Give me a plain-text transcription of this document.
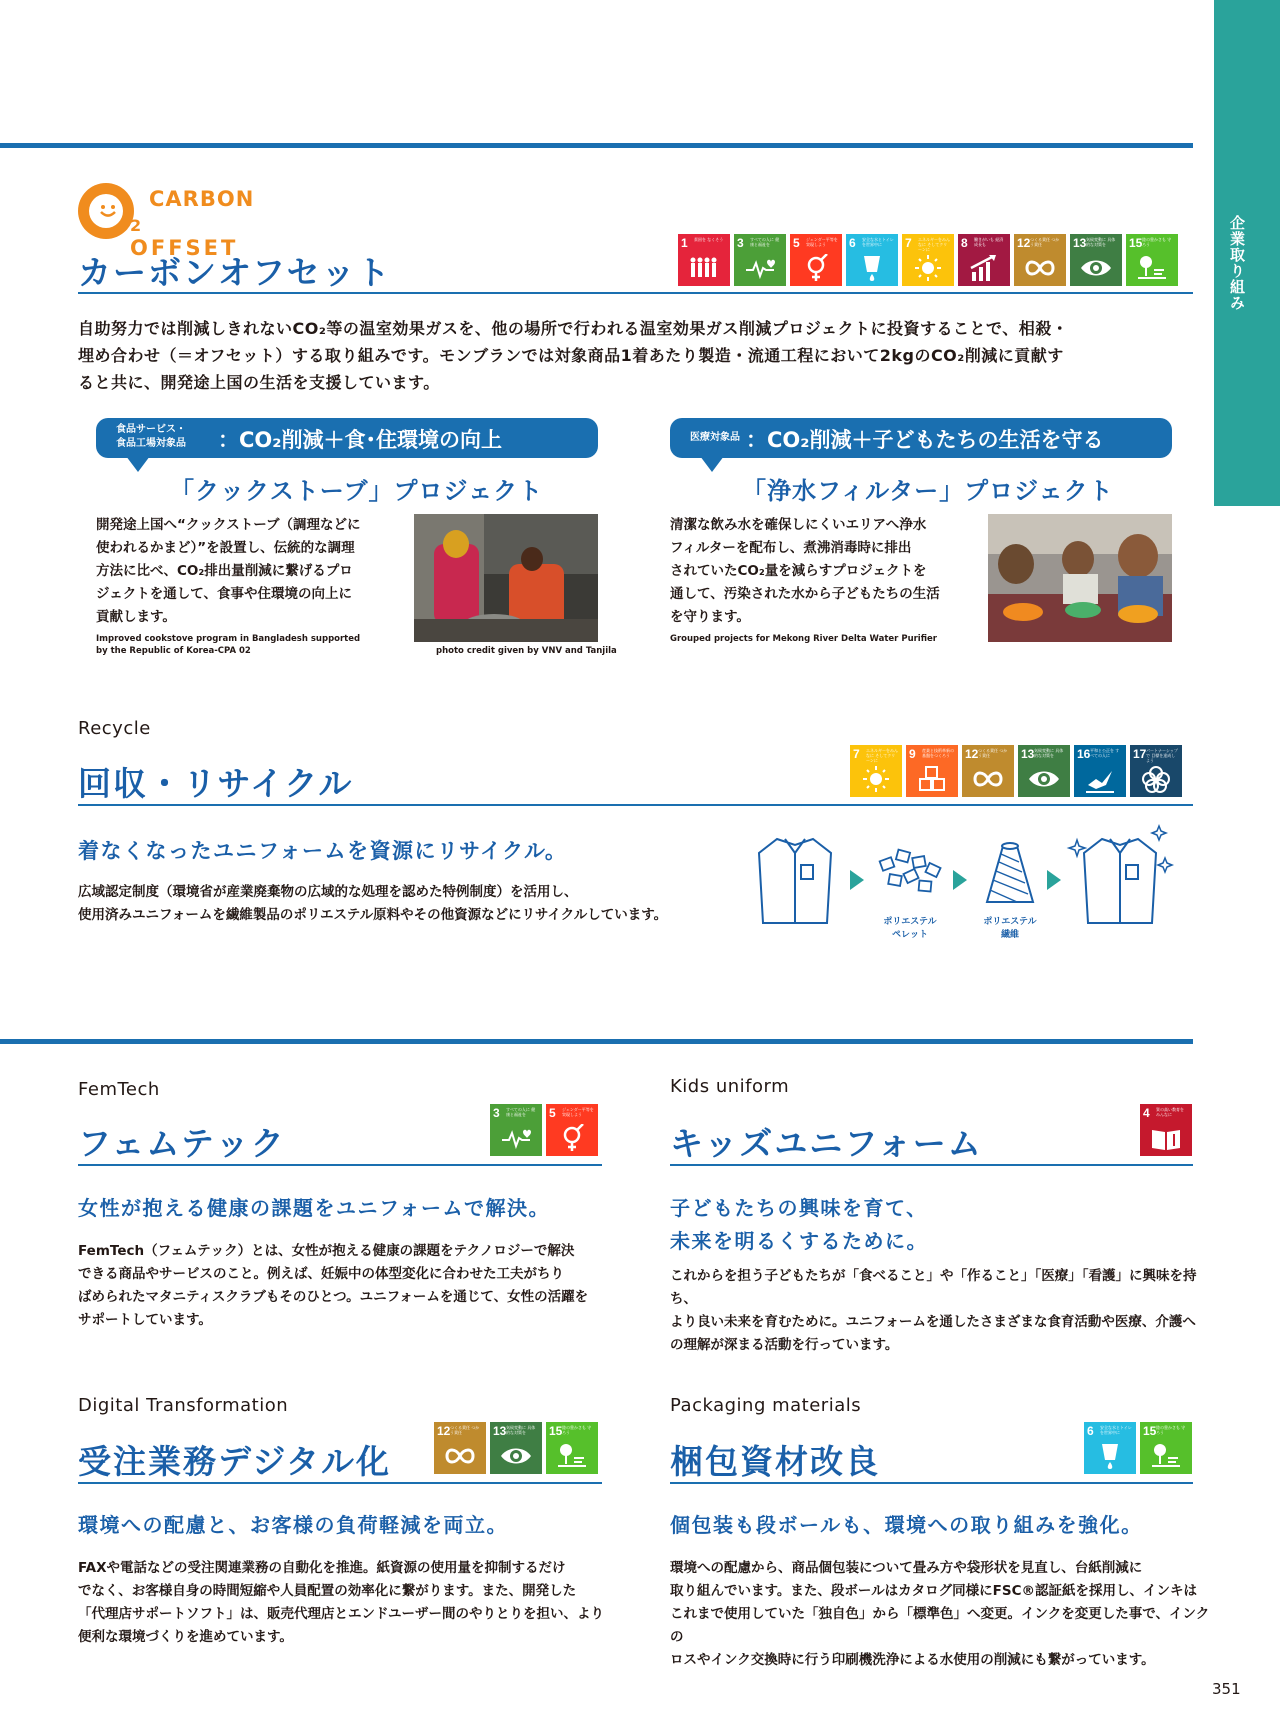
企業取り組み
CARBON
2 OFFSET
カーボンオフセット
1 貧困を なくそう	3 すべての人に 健康と福祉を	5 ジェンダー平等を 実現しよう	6 安全な水とトイレ を世界中に	7 エネルギーをみんなに そしてクリーンに	8 働きがいも 経済成長も	12 つくる責任 つかう責任	13 気候変動に 具体的な対策を	15 陸の豊かさも 守ろう
自助努力では削減しきれないCO₂等の温室効果ガスを、他の場所で行われる温室効果ガス削減プロジェクトに投資することで、相殺・
埋め合わせ（＝オフセット）する取り組みです。モンブランでは対象商品1着あたり製造・流通工程において2kgのCO₂削減に貢献す
ると共に、開発途上国の生活を支援しています。
食品サービス・
食品工場対象品 ：CO₂削減＋食･住環境の向上
「クックストーブ」プロジェクト
開発途上国へ“クックストーブ（調理などに
使われるかまど）”を設置し、伝統的な調理
方法に比べ、CO₂排出量削減に繋げるプロ
ジェクトを通して、食事や住環境の向上に
貢献します。
Improved cookstove program in Bangladesh supported
by the Republic of Korea-CPA 02	photo credit given by VNV and Tanjila
医療対象品 ：CO₂削減＋子どもたちの生活を守る
「浄水フィルター」プロジェクト
清潔な飲み水を確保しにくいエリアへ浄水
フィルターを配布し、煮沸消毒時に排出
されていたCO₂量を減らすプロジェクトを
通して、汚染された水から子どもたちの生活
を守ります。
Grouped projects for Mekong River Delta Water Purifier
Recycle
回収・リサイクル
7 エネルギーをみんなに そしてクリーンに	9 産業と技術革新の 基盤をつくろう	12 つくる責任 つかう責任	13 気候変動に 具体的な対策を	16 平和と公正を すべての人に	17 パートナーシップで 目標を達成しよう
着なくなったユニフォームを資源にリサイクル。
広域認定制度（環境省が産業廃棄物の広域的な処理を認めた特例制度）を活用し、
使用済みユニフォームを繊維製品のポリエステル原料やその他資源などにリサイクルしています。	ポリエステル
ペレット
ポリエステル
繊維
FemTech
フェムテック
3 すべての人に 健康と福祉を	5 ジェンダー平等を 実現しよう
女性が抱える健康の課題をユニフォームで解決。
FemTech（フェムテック）とは、女性が抱える健康の課題をテクノロジーで解決
できる商品やサービスのこと。例えば、妊娠中の体型変化に合わせた工夫がちり
ばめられたマタニティスクラブもそのひとつ。ユニフォームを通じて、女性の活躍を
サポートしています。
Kids uniform
キッズユニフォーム
4 質の高い教育を みんなに
子どもたちの興味を育て、
未来を明るくするために。
これからを担う子どもたちが「食べること」や「作ること」「医療」「看護」に興味を持ち、
より良い未来を育むために。ユニフォームを通したさまざまな食育活動や医療、介護へ
の理解が深まる活動を行っています。
Digital Transformation
受注業務デジタル化
12 つくる責任 つかう責任	13 気候変動に 具体的な対策を	15 陸の豊かさも 守ろう
環境への配慮と、お客様の負荷軽減を両立。
FAXや電話などの受注関連業務の自動化を推進。紙資源の使用量を抑制するだけ
でなく、お客様自身の時間短縮や人員配置の効率化に繋がります。また、開発した
「代理店サポートソフト」は、販売代理店とエンドユーザー間のやりとりを担い、より
便利な環境づくりを進めています。
Packaging materials
梱包資材改良
6 安全な水とトイレ を世界中に	15 陸の豊かさも 守ろう
個包装も段ボールも、環境への取り組みを強化。
環境への配慮から、商品個包装について畳み方や袋形状を見直し、台紙削減に
取り組んでいます。また、段ボールはカタログ同様にFSC®認証紙を採用し、インキは
これまで使用していた「独自色」から「標準色」へ変更。インクを変更した事で、インクの
ロスやインク交換時に行う印刷機洗浄による水使用の削減にも繋がっています。
351
